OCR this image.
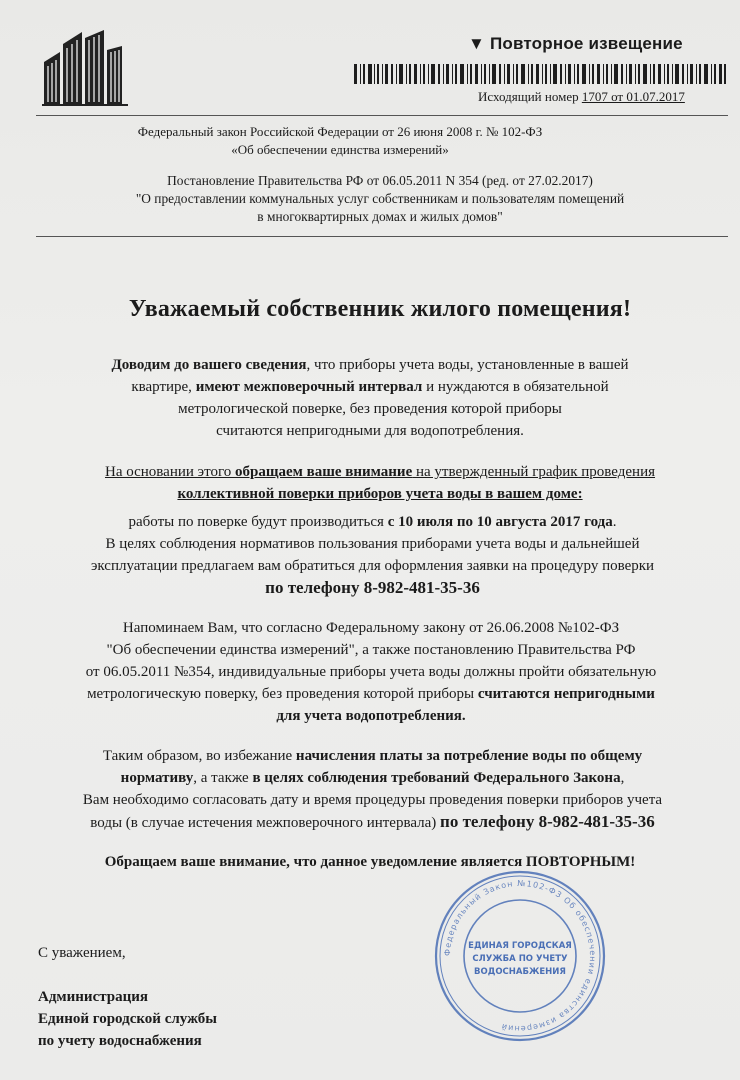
▼ Повторное извещение
Исходящий номер 1707 от 01.07.2017
Федеральный закон Российской Федерации от 26 июня 2008 г. № 102-ФЗ
«Об обеспечении единства измерений»
Постановление Правительства РФ от 06.05.2011 N 354 (ред. от 27.02.2017)
"О предоставлении коммунальных услуг собственникам и пользователям помещений
в многоквартирных домах и жилых домов"
Уважаемый собственник жилого помещения!
Доводим до вашего сведения, что приборы учета воды, установленные в вашей
квартире, имеют межповерочный интервал и нуждаются в обязательной
метрологической поверке, без проведения которой приборы
считаются непригодными для водопотребления.
На основании этого обращаем ваше внимание на утвержденный график проведения
коллективной поверки приборов учета воды в вашем доме:
работы по поверке будут производиться с 10 июля по 10 августа 2017 года.
В целях соблюдения нормативов пользования приборами учета воды и дальнейшей
эксплуатации предлагаем вам обратиться для оформления заявки на процедуру поверки
по телефону 8-982-481-35-36
Напоминаем Вам, что согласно Федеральному закону от 26.06.2008 №102-ФЗ
"Об обеспечении единства измерений", а также постановлению Правительства РФ
от 06.05.2011 №354, индивидуальные приборы учета воды должны пройти обязательную
метрологическую поверку, без проведения которой приборы считаются непригодными
для учета водопотребления.
Таким образом, во избежание начисления платы за потребление воды по общему
нормативу, а также в целях соблюдения требований Федерального Закона,
Вам необходимо согласовать дату и время процедуры проведения поверки приборов учета
воды (в случае истечения межповерочного интервала) по телефону 8-982-481-35-36
Обращаем ваше внимание, что данное уведомление является ПОВТОРНЫМ!
С уважением,
Администрация
Единой городской службы
по учету водоснабжения
Федеральный Закон №102-ФЗ Об обеспечении единства измерений
ЕДИНАЯ ГОРОДСКАЯ
СЛУЖБА ПО УЧЕТУ
ВОДОСНАБЖЕНИЯ
